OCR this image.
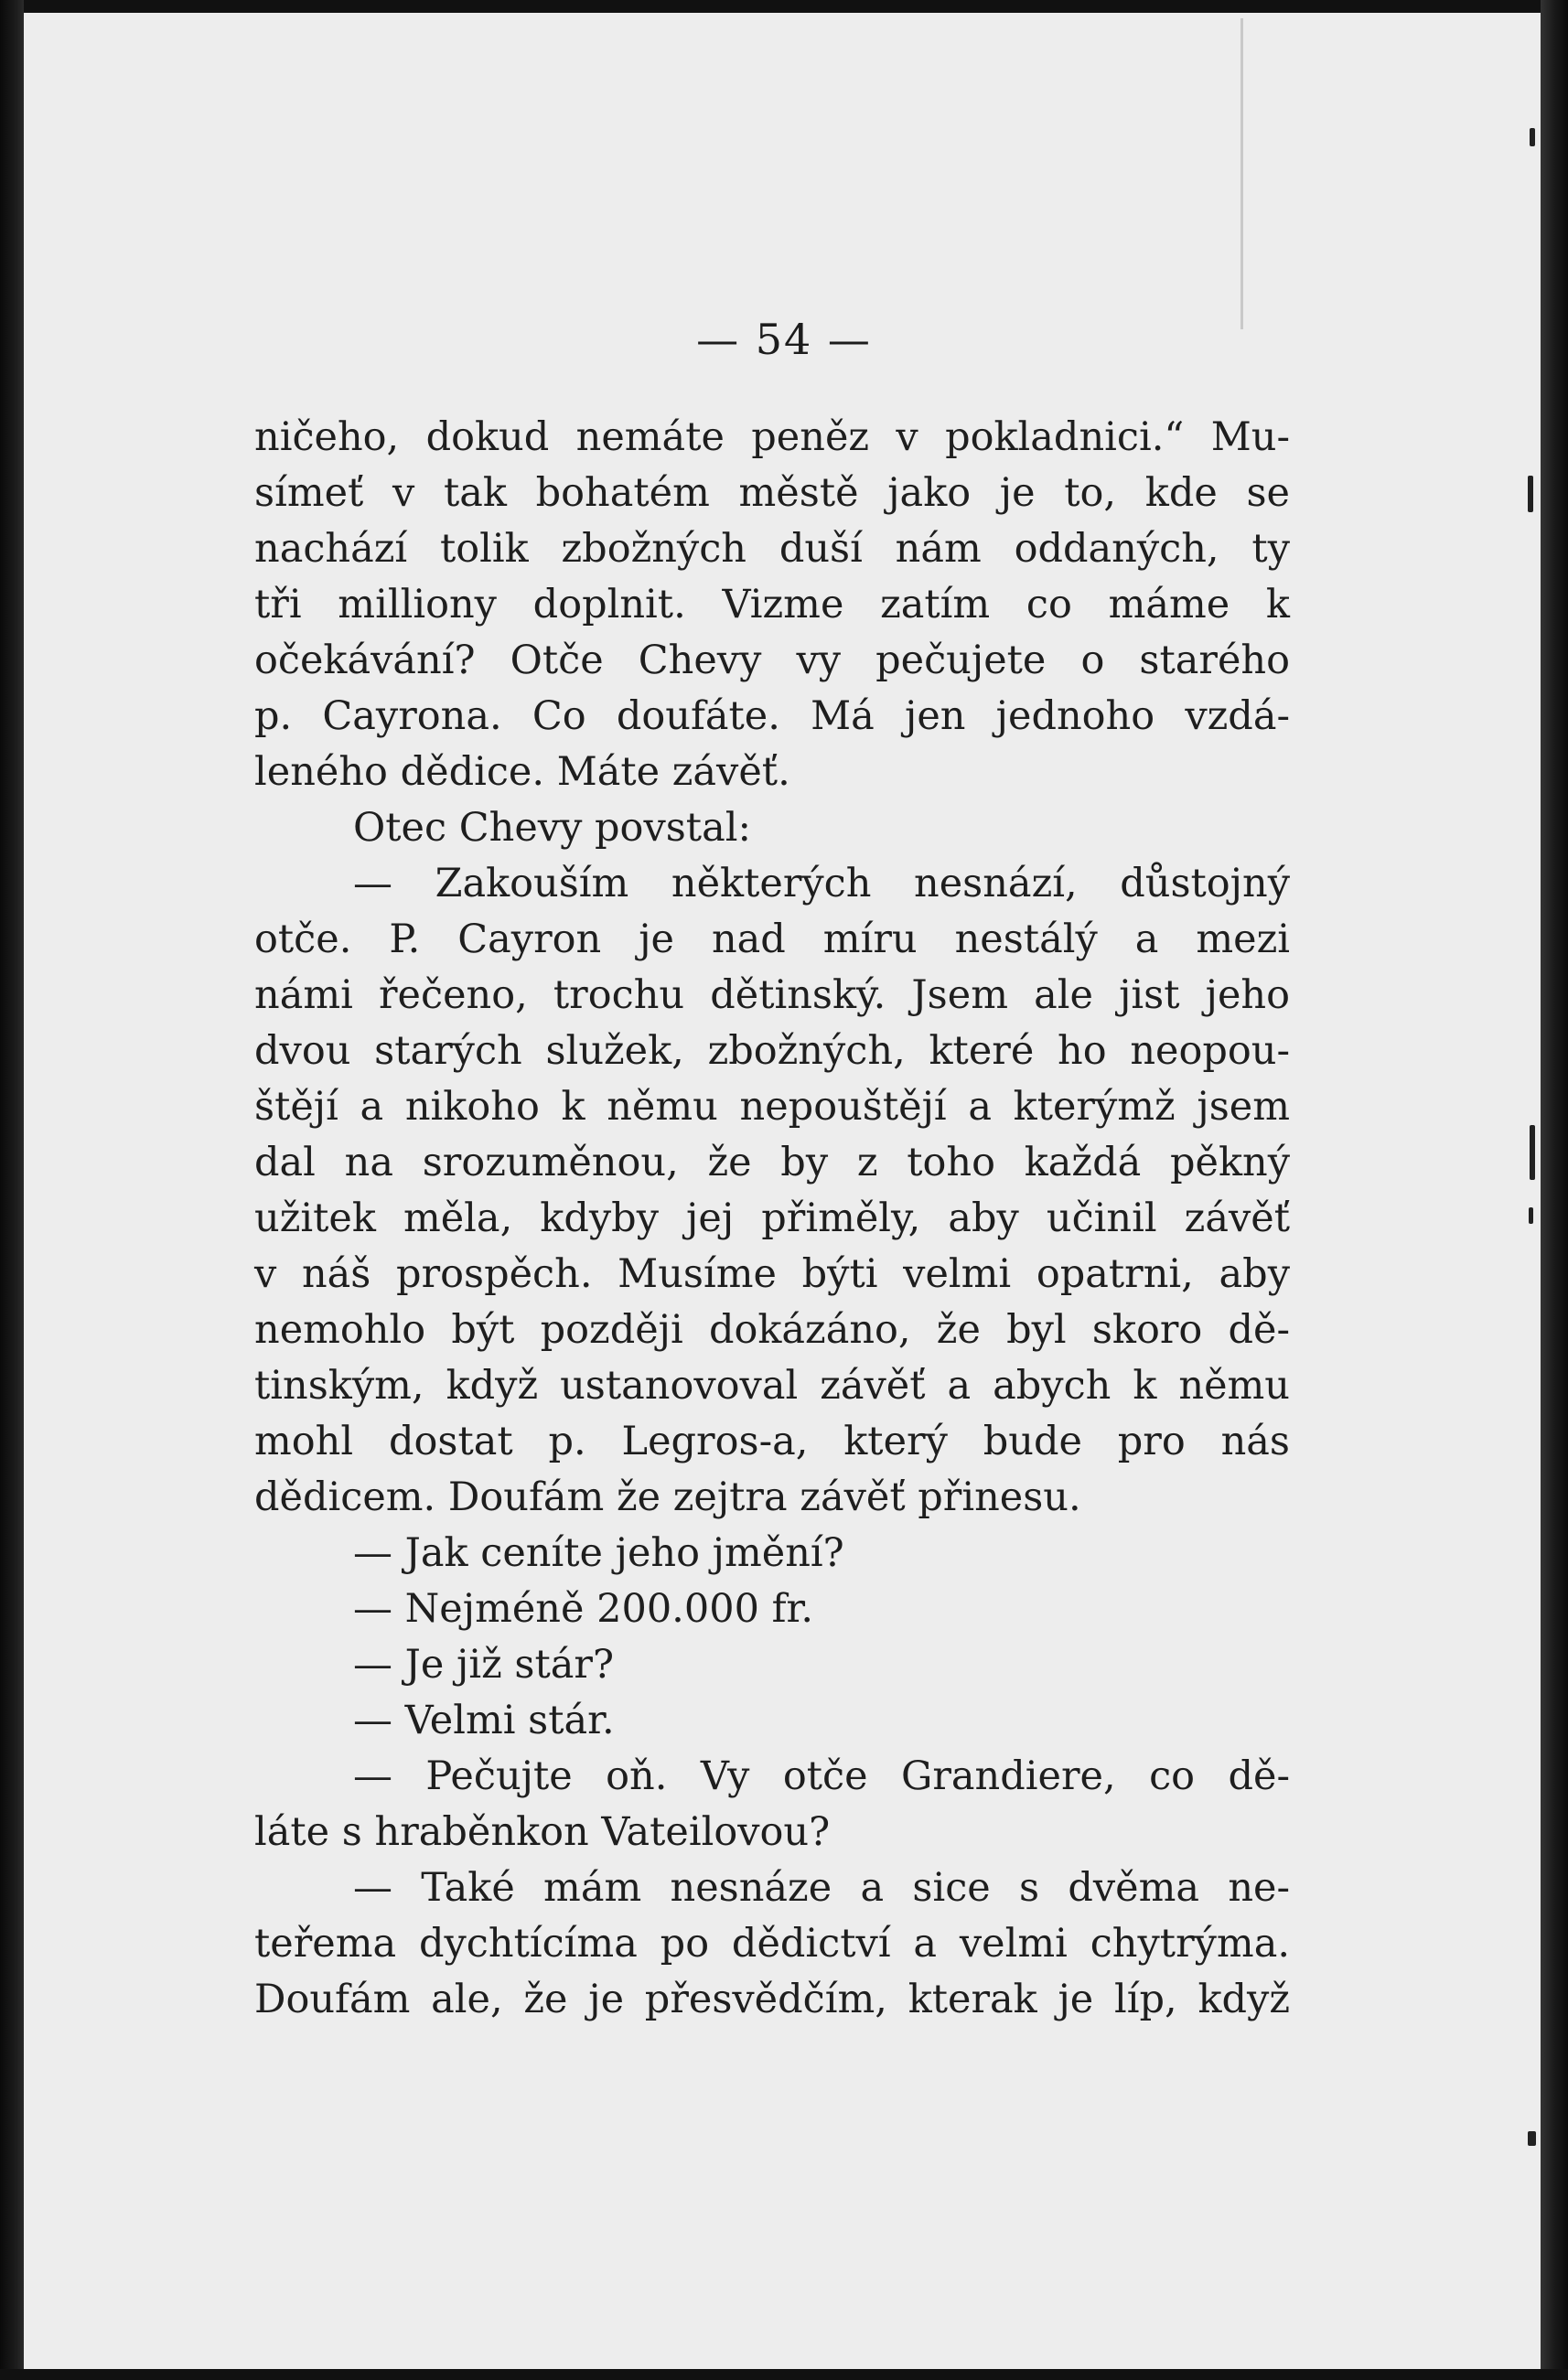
— 54 —
ničeho, dokud nemáte peněz v pokladnici.“ Mu-
símeť v tak bohatém městě jako je to, kde se
nachází tolik zbožných duší nám oddaných, ty
tři milliony doplnit. Vizme zatím co máme k
očekávání? Otče Chevy vy pečujete o starého
p. Cayrona. Co doufáte. Má jen jednoho vzdá-
leného dědice. Máte závěť.
Otec Chevy povstal:
— Zakouším některých nesnází, důstojný
otče. P. Cayron je nad míru nestálý a mezi
námi řečeno, trochu dětinský. Jsem ale jist jeho
dvou starých služek, zbožných, které ho neopou-
štějí a nikoho k němu nepouštějí a kterýmž jsem
dal na srozuměnou, že by z toho každá pěkný
užitek měla, kdyby jej přiměly, aby učinil závěť
v náš prospěch. Musíme býti velmi opatrni, aby
nemohlo být později dokázáno, že byl skoro dě-
tinským, když ustanovoval závěť a abych k němu
mohl dostat p. Legros-a, který bude pro nás
dědicem. Doufám že zejtra závěť přinesu.
— Jak ceníte jeho jmění?
— Nejméně 200.000 fr.
— Je již stár?
— Velmi stár.
— Pečujte oň. Vy otče Grandiere, co dě-
láte s hraběnkon Vateilovou?
— Také mám nesnáze a sice s dvěma ne-
teřema dychtícíma po dědictví a velmi chytrýma.
Doufám ale, že je přesvědčím, kterak je líp, když
